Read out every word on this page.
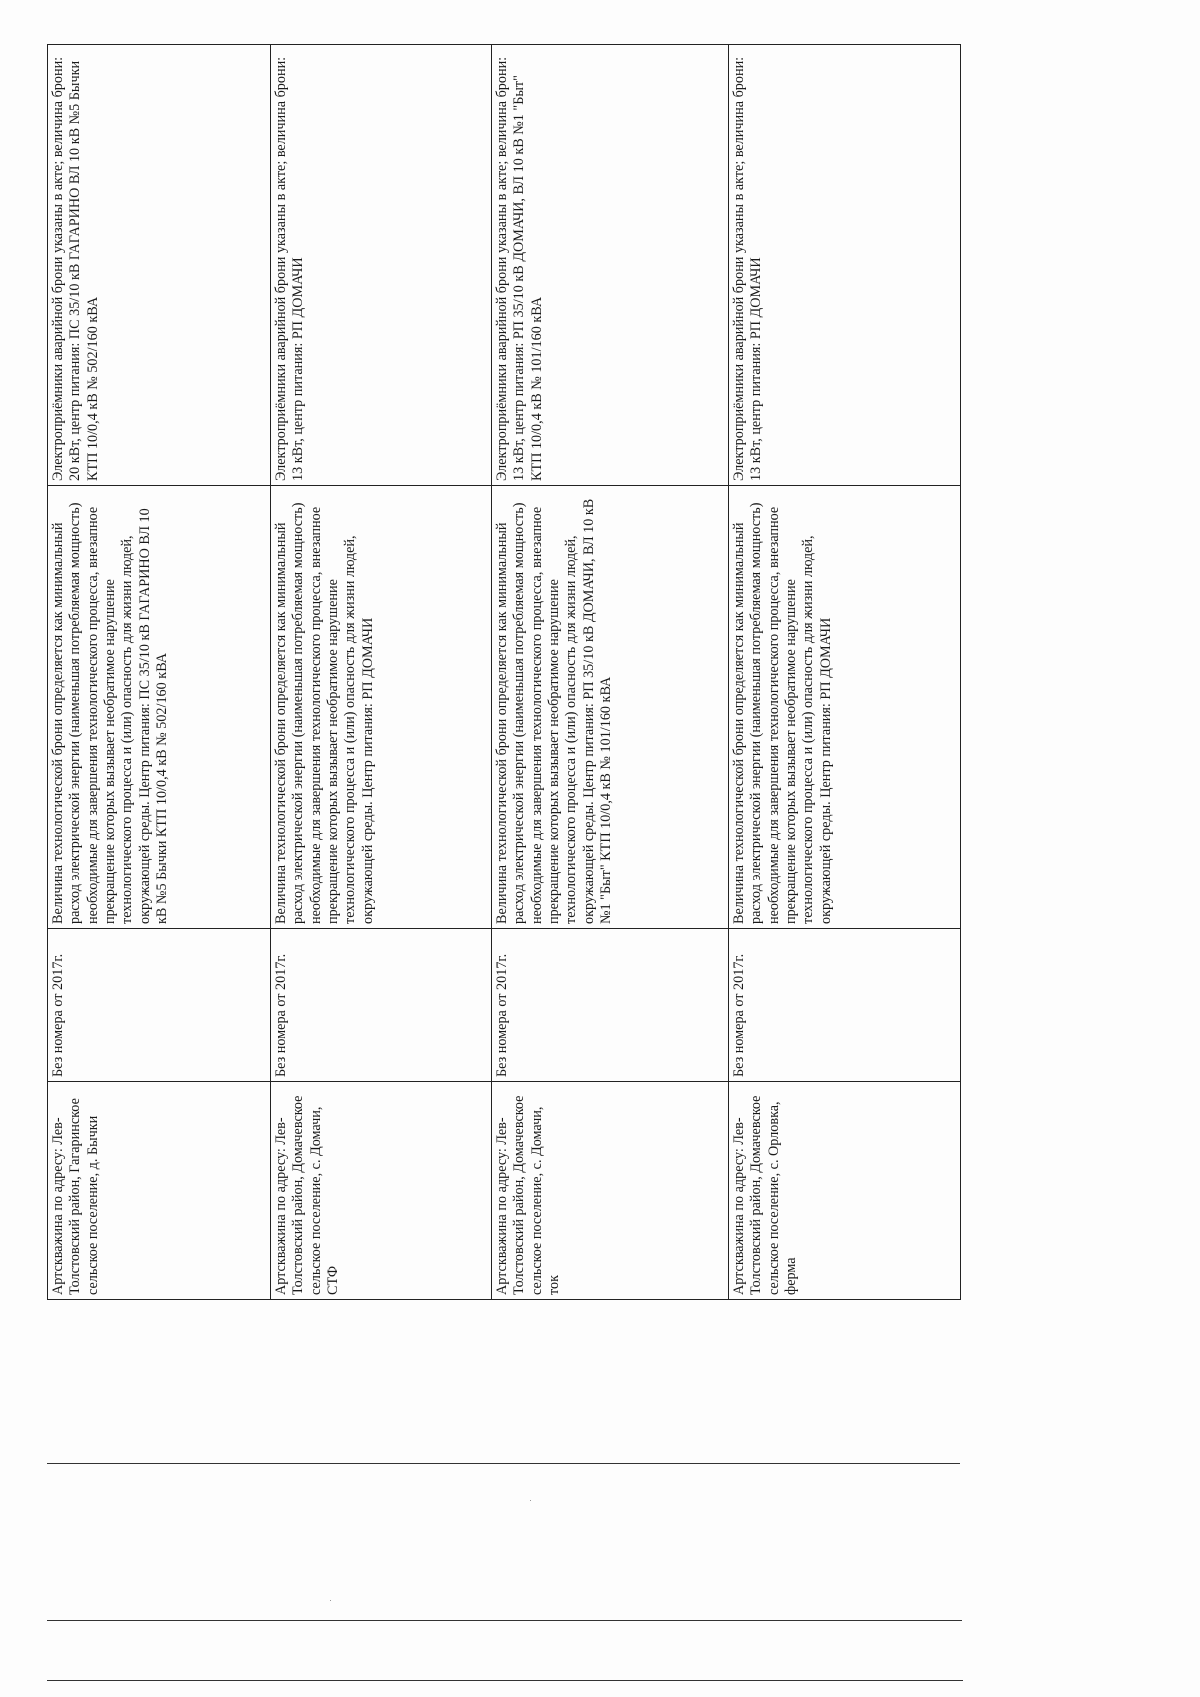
Артскважина по адресу: Лев-Толстовский район, Гагаринское сельское поселение, д. Бычки	Без номера от 2017г.	Величина технологической брони определяется как минимальный расход электрической энергии (наименьшая потребляемая мощность) необходимые для завершения технологического процесса, внезапное прекращение которых вызывает необратимое нарушение технологического процесса и (или) опасность для жизни людей, окружающей среды. Центр питания: ПС 35/10 кВ ГАГАРИНО ВЛ 10 кВ №5 Бычки КТП 10/0,4 кВ № 502/160 кВА	Электроприёмники аварийной брони указаны в акте; величина брони: 20 кВт, центр питания: ПС 35/10 кВ ГАГАРИНО ВЛ 10 кВ №5 Бычки КТП 10/0,4 кВ № 502/160 кВА

Артскважина по адресу: Лев-Толстовский район, Домачевское сельское поселение, с. Домачи, СТФ	Без номера от 2017г.	Величина технологической брони определяется как минимальный расход электрической энергии (наименьшая потребляемая мощность) необходимые для завершения технологического процесса, внезапное прекращение которых вызывает необратимое нарушение технологического процесса и (или) опасность для жизни людей, окружающей среды. Центр питания: РП ДОМАЧИ	Электроприёмники аварийной брони указаны в акте; величина брони: 13 кВт, центр питания: РП ДОМАЧИ

Артскважина по адресу: Лев-Толстовский район, Домачевское сельское поселение, с. Домачи, ток	Без номера от 2017г.	Величина технологической брони определяется как минимальный расход электрической энергии (наименьшая потребляемая мощность) необходимые для завершения технологического процесса, внезапное прекращение которых вызывает необратимое нарушение технологического процесса и (или) опасность для жизни людей, окружающей среды. Центр питания: РП 35/10 кВ ДОМАЧИ, ВЛ 10 кВ №1 "Быт" КТП 10/0,4 кВ № 101/160 кВА	Электроприёмники аварийной брони указаны в акте; величина брони: 13 кВт, центр питания: РП 35/10 кВ ДОМАЧИ, ВЛ 10 кВ №1 "Быт" КТП 10/0,4 кВ № 101/160 кВА

Артскважина по адресу: Лев-Толстовский район, Домачевское сельское поселение, с. Орловка, ферма	Без номера от 2017г.	Величина технологической брони определяется как минимальный расход электрической энергии (наименьшая потребляемая мощность) необходимые для завершения технологического процесса, внезапное прекращение которых вызывает необратимое нарушение технологического процесса и (или) опасность для жизни людей, окружающей среды. Центр питания: РП ДОМАЧИ	Электроприёмники аварийной брони указаны в акте; величина брони: 13 кВт, центр питания: РП ДОМАЧИ
